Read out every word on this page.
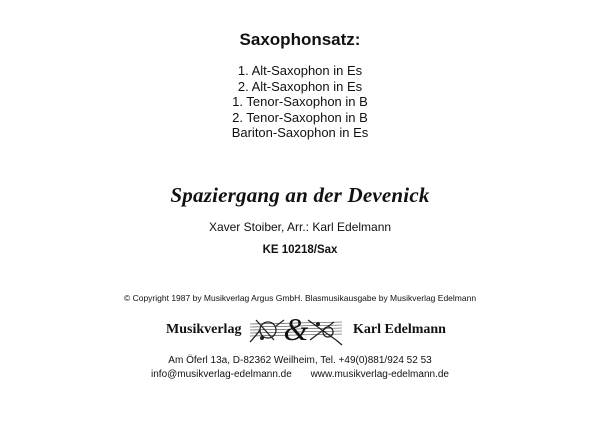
Saxophonsatz:
1. Alt-Saxophon in Es
2. Alt-Saxophon in Es
1. Tenor-Saxophon in B
2. Tenor-Saxophon in B
Bariton-Saxophon in Es
Spaziergang an der Devenick
Xaver Stoiber, Arr.: Karl Edelmann
KE 10218/Sax
© Copyright 1987 by Musikverlag Argus GmbH. Blasmusikausgabe by Musikverlag Edelmann
Musikverlag &	Karl Edelmann
Am Öferl 13a, D-82362 Weilheim, Tel. +49(0)881/924 52 53
info@musikverlag-edelmann.de www.musikverlag-edelmann.de
